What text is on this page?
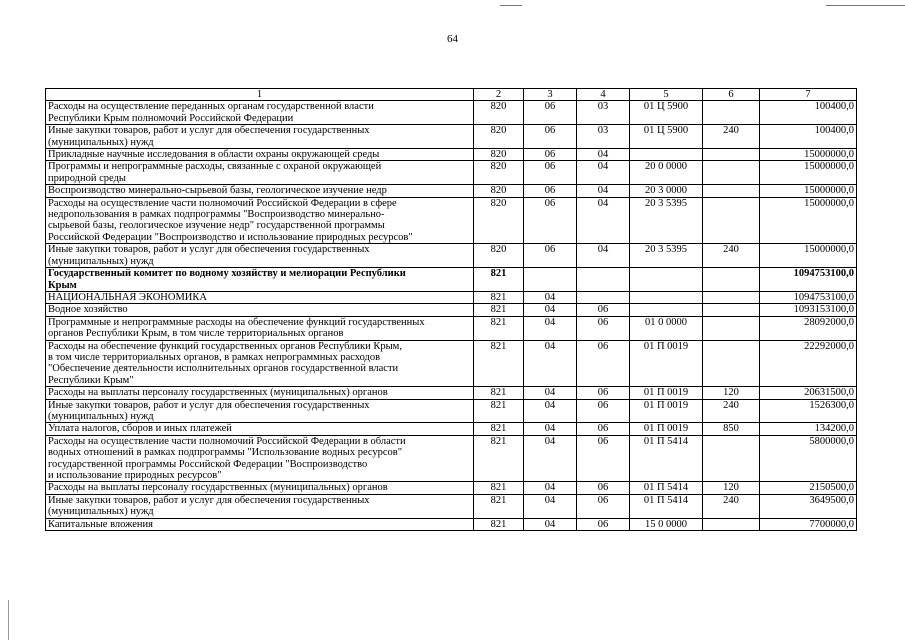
64
1	2	3	4	5	6	7
Расходы на осуществление переданных органам государственной власти
Республики Крым полномочий Российской Федерации	820	06	03	01 Ц 5900		100400,0
Иные закупки товаров, работ и услуг для обеспечения государственных
(муниципальных) нужд	820	06	03	01 Ц 5900	240	100400,0
Прикладные научные исследования в области охраны окружающей среды	820	06	04			15000000,0
Программы и непрограммные расходы, связанные с охраной окружающей
природной среды	820	06	04	20 0 0000		15000000,0
Воспроизводство минерально-сырьевой базы, геологическое изучение недр	820	06	04	20 3 0000		15000000,0
Расходы на осуществление части полномочий Российской Федерации в сфере
недропользования в рамках подпрограммы "Воспроизводство минерально-
сырьевой базы, геологическое изучение недр" государственной программы
Российской Федерации "Воспроизводство и использование природных ресурсов"	820	06	04	20 3 5395		15000000,0
Иные закупки товаров, работ и услуг для обеспечения государственных
(муниципальных) нужд	820	06	04	20 3 5395	240	15000000,0
Государственный комитет по водному хозяйству и мелиорации Республики
Крым	821					1094753100,0
НАЦИОНАЛЬНАЯ ЭКОНОМИКА	821	04				1094753100,0
Водное хозяйство	821	04	06			1093153100,0
Программные и непрограммные расходы на обеспечение функций государственных
органов Республики Крым, в том числе территориальных органов	821	04	06	01 0 0000		28092000,0
Расходы на обеспечение функций государственных органов Республики Крым,
в том числе территориальных органов, в рамках непрограммных расходов
"Обеспечение деятельности исполнительных органов государственной власти
Республики Крым"	821	04	06	01 П 0019		22292000,0
Расходы на выплаты персоналу государственных (муниципальных) органов	821	04	06	01 П 0019	120	20631500,0
Иные закупки товаров, работ и услуг для обеспечения государственных
(муниципальных) нужд	821	04	06	01 П 0019	240	1526300,0
Уплата налогов, сборов и иных платежей	821	04	06	01 П 0019	850	134200,0
Расходы на осуществление части полномочий Российской Федерации в области
водных отношений в рамках подпрограммы "Использование водных ресурсов"
государственной программы Российской Федерации "Воспроизводство
и использование природных ресурсов"	821	04	06	01 П 5414		5800000,0
Расходы на выплаты персоналу государственных (муниципальных) органов	821	04	06	01 П 5414	120	2150500,0
Иные закупки товаров, работ и услуг для обеспечения государственных
(муниципальных) нужд	821	04	06	01 П 5414	240	3649500,0
Капитальные вложения	821	04	06	15 0 0000		7700000,0
